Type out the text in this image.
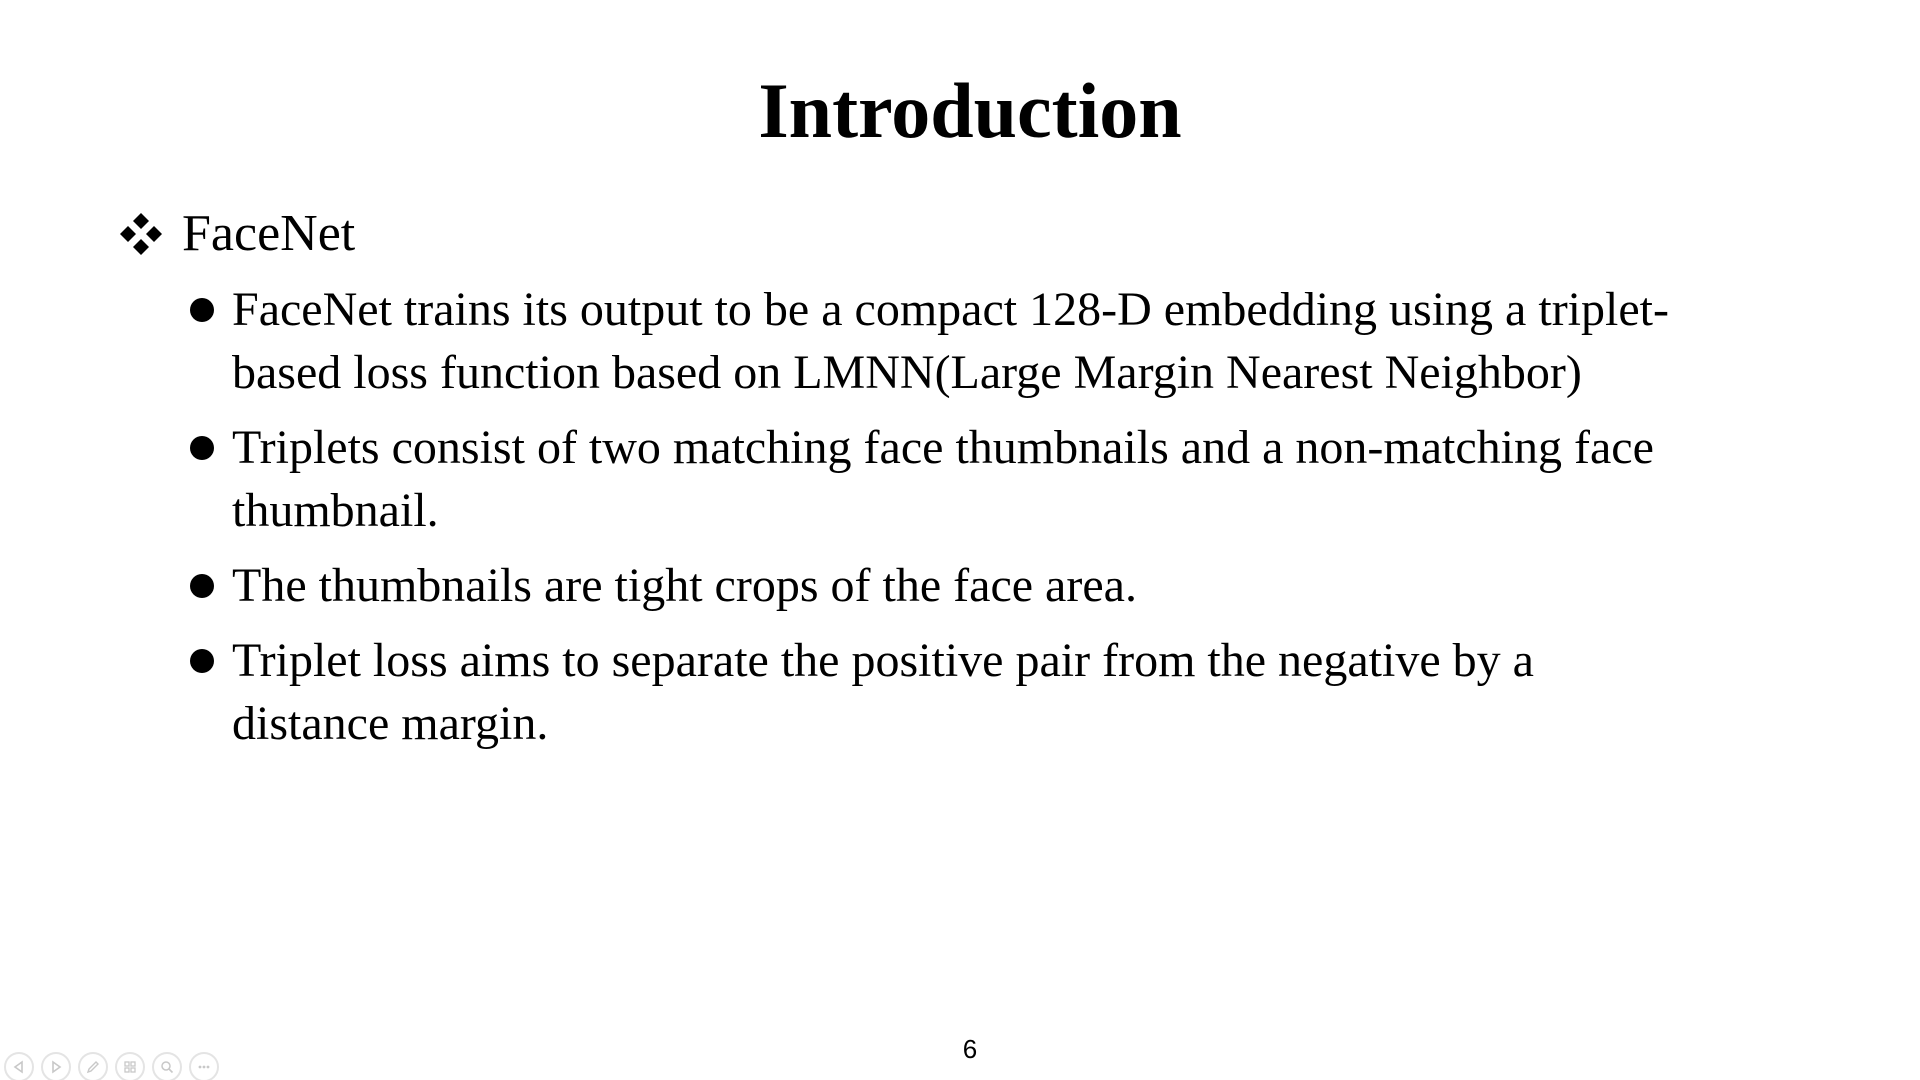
Introduction
FaceNet
FaceNet trains its output to be a compact 128-D embedding using a triplet-
based loss function based on LMNN(Large Margin Nearest Neighbor)
Triplets consist of two matching face thumbnails and a non-matching face
thumbnail.
The thumbnails are tight crops of the face area.
Triplet loss aims to separate the positive pair from the negative by a
distance margin.
6
